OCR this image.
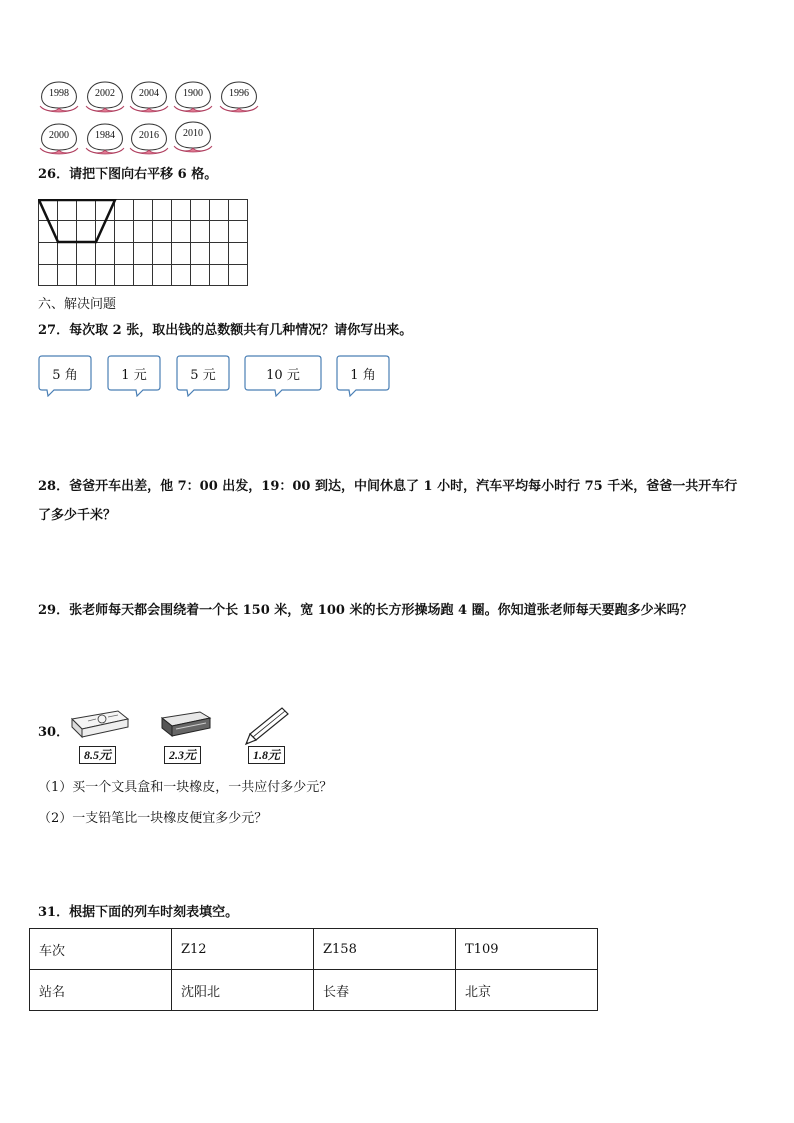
1998	2002	2004	1900	1996
2000	1984	2016	2010
26．请把下图向右平移 6 格。
六、解决问题
27．每次取 2 张，取出钱的总数额共有几种情况？请你写出来。
5 角	1 元	5 元	10 元	1 角
28．爸爸开车出差，他 7：00 出发，19：00 到达，中间休息了 1 小时，汽车平均每小时行 75 千米，爸爸一共开车行
了多少千米？
29．张老师每天都会围绕着一个长 150 米，宽 100 米的长方形操场跑 4 圈。你知道张老师每天要跑多少米吗？
30．
8.5元	2.3元	1.8元
（1）买一个文具盒和一块橡皮，一共应付多少元？
（2）一支铅笔比一块橡皮便宜多少元？
31．根据下面的列车时刻表填空。
车次	Z12	Z158	T109
站名	沈阳北	长春	北京
